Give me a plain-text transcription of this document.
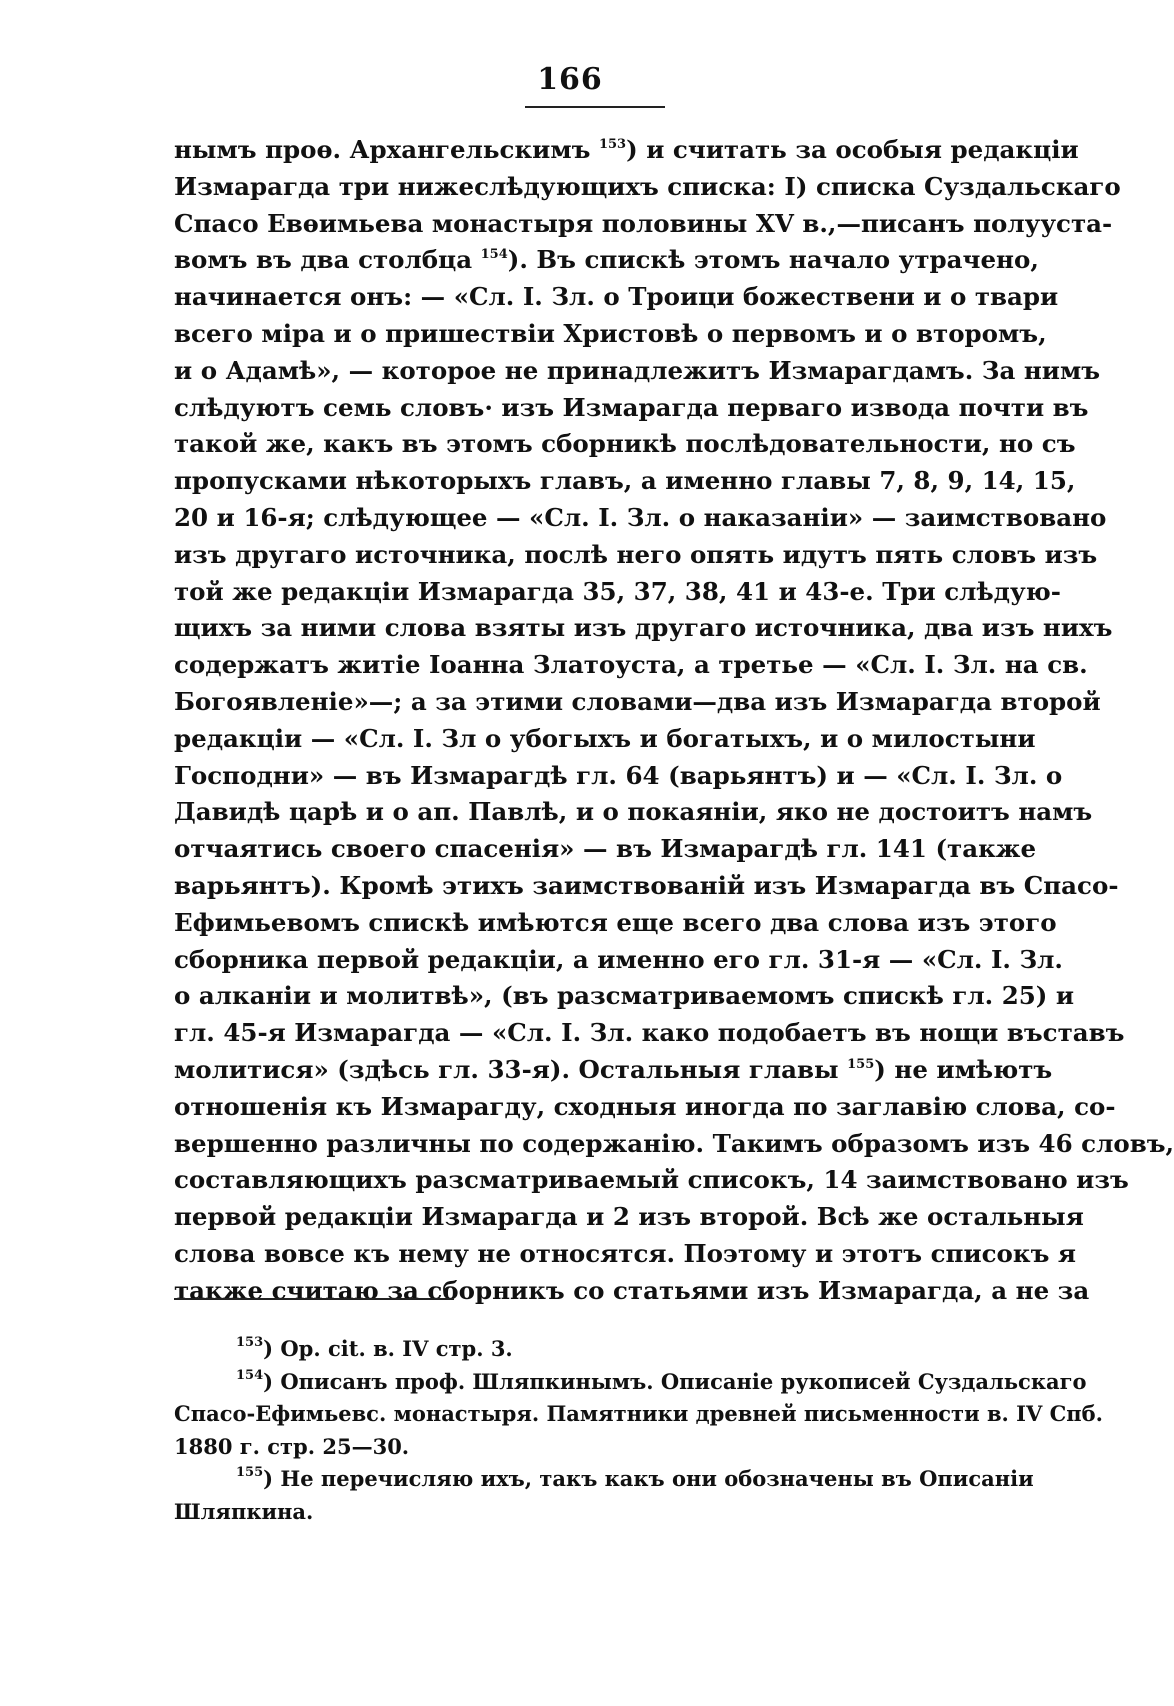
166
нымъ проѳ. Архангельскимъ $^{153}$) и считать за особыя редакціи
Измарагда три нижеслѣдующихъ списка: I) списка Суздальскаго
Спасо Евѳимьева монастыря половины XV в.,—писанъ полууста-
вомъ въ два столбца $^{154}$). Въ спискѣ этомъ начало утрачено,
начинается онъ: — «Сл. I. Зл. о Троици божествени и о твари
всего міра и о пришествіи Христовѣ о первомъ и о второмъ,
и о Адамѣ», — которое не принадлежитъ Измарагдамъ. За нимъ
слѣдуютъ семь словъ· изъ Измарагда перваго извода почти въ
такой же, какъ въ этомъ сборникѣ послѣдовательности, но съ
пропусками нѣкоторыхъ главъ, а именно главы 7, 8, 9, 14, 15,
20 и 16-я; слѣдующее — «Сл. I. Зл. о наказаніи» — заимствовано
изъ другаго источника, послѣ него опять идутъ пять словъ изъ
той же редакціи Измарагда 35, 37, 38, 41 и 43-е. Три слѣдую-
щихъ за ними слова взяты изъ другаго источника, два изъ нихъ
содержатъ житіе Іоанна Златоуста, а третье — «Сл. I. Зл. на св.
Богоявленіе»—; а за этими словами—два изъ Измарагда второй
редакціи — «Сл. I. Зл о убогыхъ и богатыхъ, и о милостыни
Господни» — въ Измарагдѣ гл. 64 (варьянтъ) и — «Сл. I. Зл. о
Давидѣ царѣ и о ап. Павлѣ, и о покаяніи, яко не достоитъ намъ
отчаятись своего спасенія» — въ Измарагдѣ гл. 141 (также
варьянтъ). Кромѣ этихъ заимствованій изъ Измарагда въ Спасо-
Ефимьевомъ спискѣ имѣются еще всего два слова изъ этого
сборника первой редакціи, а именно его гл. 31-я — «Сл. I. Зл.
о алканіи и молитвѣ», (въ разсматриваемомъ спискѣ гл. 25) и
гл. 45-я Измарагда — «Сл. I. Зл. како подобаетъ въ нощи въставъ
молитися» (здѣсь гл. 33-я). Остальныя главы $^{155}$) не имѣютъ
отношенія къ Измарагду, сходныя иногда по заглавію слова, со-
вершенно различны по содержанію. Такимъ образомъ изъ 46 словъ,
составляющихъ разсматриваемый списокъ, 14 заимствовано изъ
первой редакціи Измарагда и 2 изъ второй. Всѣ же остальныя
слова вовсе къ нему не относятся. Поэтому и этотъ списокъ я
также считаю за сборникъ со статьями изъ Измарагда, а не за
$^{153}$) Op. cit. в. IV стр. 3.
$^{154}$) Описанъ проф. Шляпкинымъ. Описаніе рукописей Суздальскаго
Спасо-Ефимьевс. монастыря. Памятники древней письменности в. IV Спб.
1880 г. стр. 25—30.
$^{155}$) Не перечисляю ихъ, такъ какъ они обозначены въ Описаніи
Шляпкина.
